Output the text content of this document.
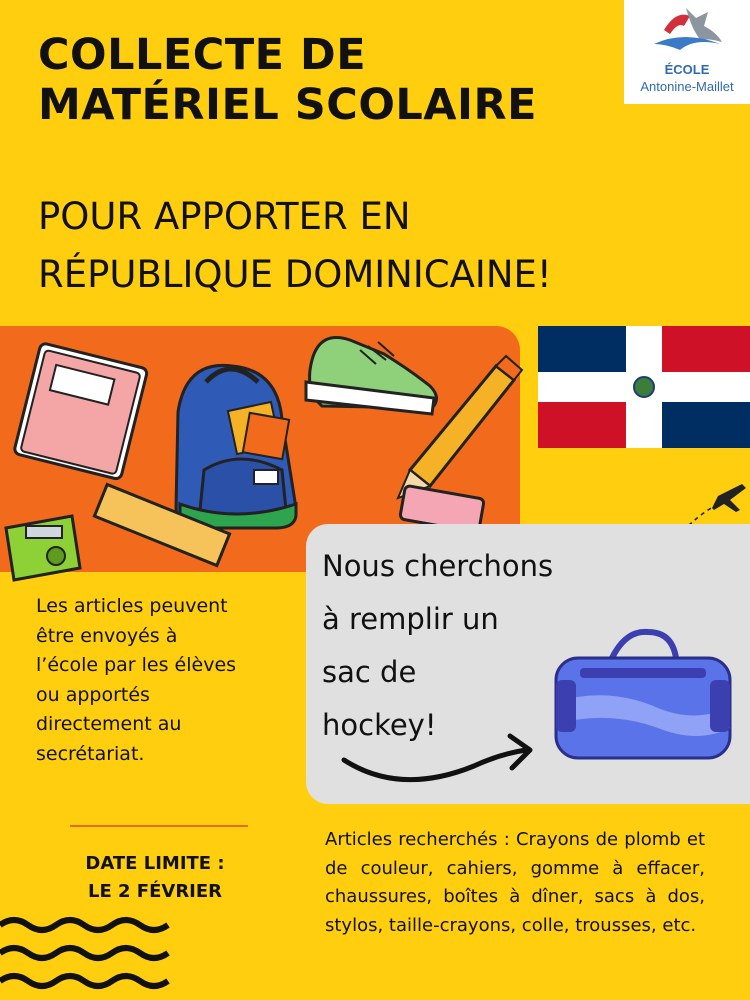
COLLECTE DE
MATÉRIEL SCOLAIRE
POUR APPORTER EN
RÉPUBLIQUE DOMINICAINE!
ÉCOLE
Antonine-Maillet
Nous cherchons
à remplir un
sac de
hockey!
Les articles peuvent
être envoyés à
l’école par les élèves
ou apportés
directement au
secrétariat.
DATE LIMITE :
LE 2 FÉVRIER
Articles recherchés : Crayons de plomb et de couleur, cahiers, gomme à effacer, chaussures, boîtes à dîner, sacs à dos, stylos, taille-crayons, colle, trousses, etc.
